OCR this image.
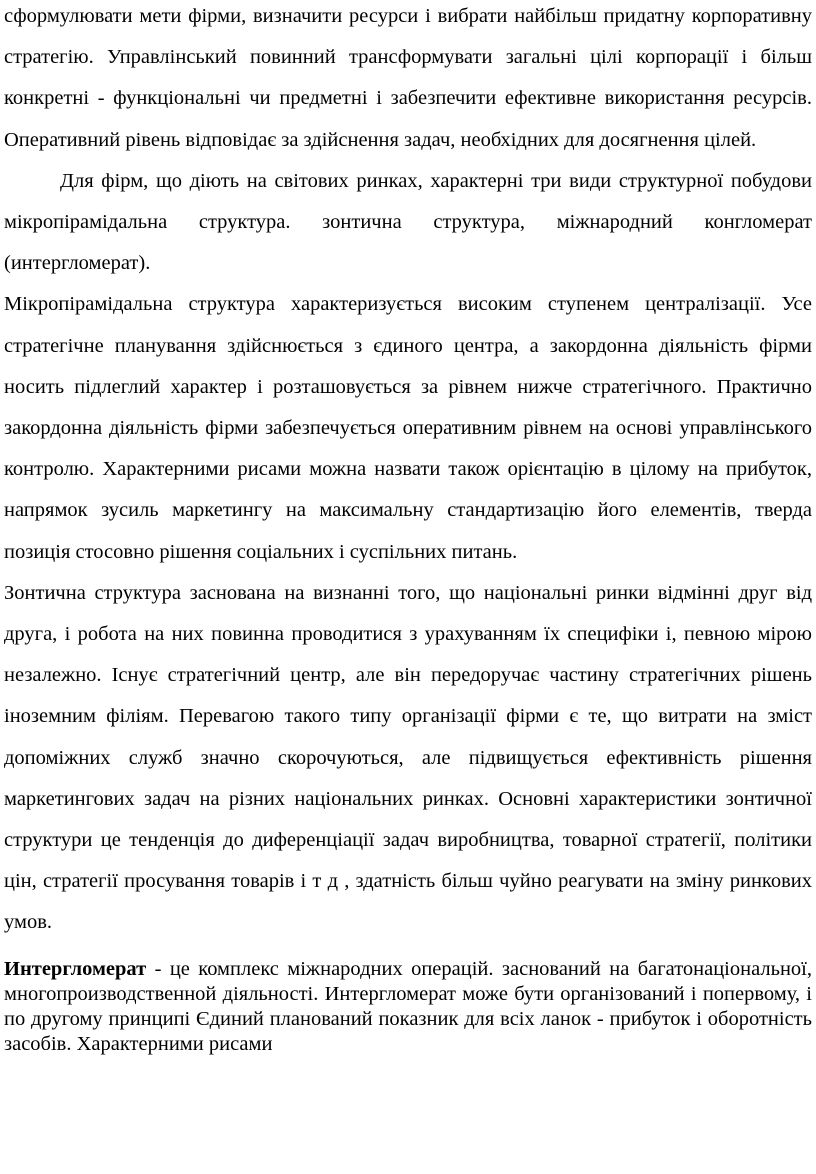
сформулювати мети фірми, визначити ресурси і вибрати найбільш придатну корпоративну стратегію. Управлінський повинний трансформувати загальні цілі корпорації і більш конкретні - функціональні чи предметні і забезпечити ефективне використання ресурсів. Оперативний рівень відповідає за здійснення задач, необхідних для досягнення цілей.

Для фірм, що діють на світових ринках, характерні три види структурної побудови мікропірамідальна структура. зонтична структура, міжнародний конгломерат (интергломерат).

Мікропірамідальна структура характеризується високим ступенем централізації. Усе стратегічне планування здійснюється з єдиного центра, а закордонна діяльність фірми носить підлеглий характер і розташовується за рівнем нижче стратегічного. Практично закордонна діяльність фірми забезпечується оперативним рівнем на основі управлінського контролю. Характерними рисами можна назвати також орієнтацію в цілому на прибуток, напрямок зусиль маркетингу на максимальну стандартизацію його елементів, тверда позиція стосовно рішення соціальних і суспільних питань.

Зонтична структура заснована на визнанні того, що національні ринки відмінні друг від друга, і робота на них повинна проводитися з урахуванням їх специфіки і, певною мірою незалежно. Існує стратегічний центр, але він передоручає частину стратегічних рішень іноземним філіям. Перевагою такого типу організації фірми є те, що витрати на зміст допоміжних служб значно скорочуються, але підвищується ефективність рішення маркетингових задач на різних національних ринках. Основні характеристики зонтичної структури це тенденція до диференціації задач виробництва, товарної стратегії, політики цін, стратегії просування товарів і т д , здатність більш чуйно реагувати на зміну ринкових умов.

Интергломерат - це комплекс міжнародних операцій. заснований на багатонаціональної, многопроизводственной діяльності. Интергломерат може бути організований і попервому, і по другому принципі Єдиний планований показник для всіх ланок - прибуток і оборотність засобів. Характерними рисами
